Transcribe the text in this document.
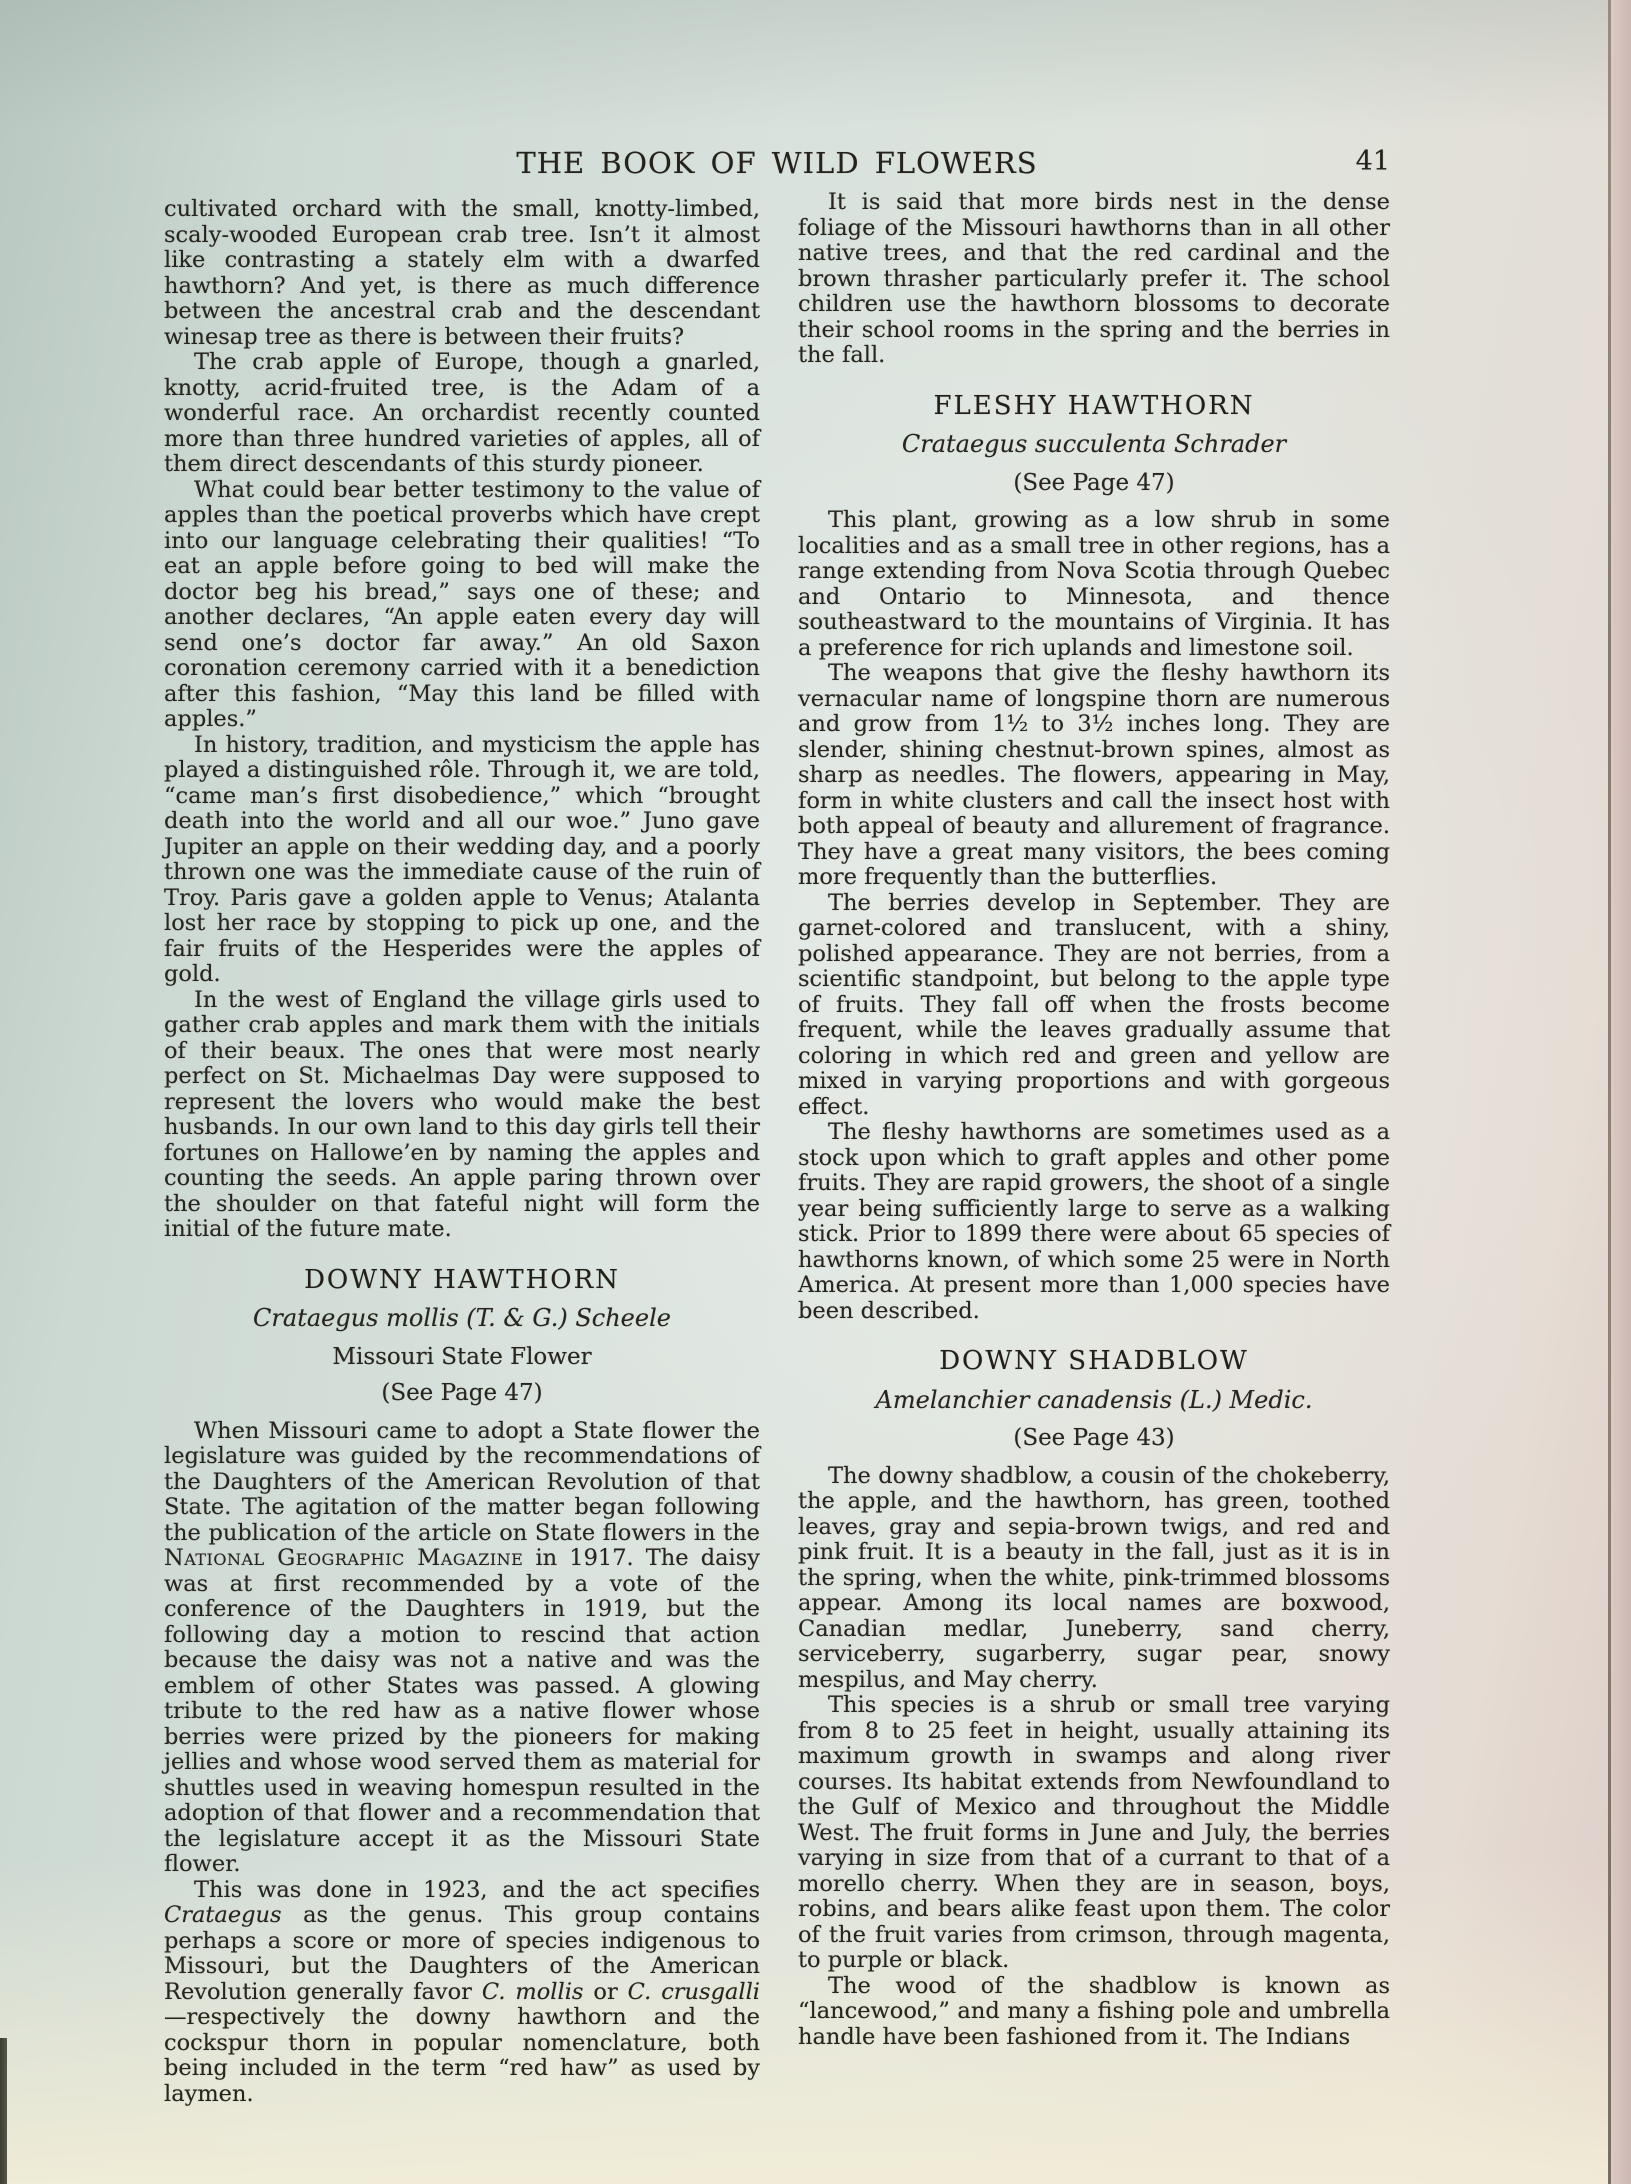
THE BOOK OF WILD FLOWERS	41
cultivated orchard with the small, knotty-limbed, scaly-wooded European crab tree. Isn’t it almost like contrasting a stately elm with a dwarfed hawthorn? And yet, is there as much difference between the ancestral crab and the descendant winesap tree as there is between their fruits?
The crab apple of Europe, though a gnarled, knotty, acrid-fruited tree, is the Adam of a wonderful race. An orchardist recently counted more than three hundred varieties of apples, all of them direct descendants of this sturdy pioneer.
What could bear better testimony to the value of apples than the poetical proverbs which have crept into our language celebrating their qualities! “To eat an apple before going to bed will make the doctor beg his bread,” says one of these; and another declares, “An apple eaten every day will send one’s doctor far away.” An old Saxon coronation ceremony carried with it a benediction after this fashion, “May this land be filled with apples.”
In history, tradition, and mysticism the apple has played a distinguished rôle. Through it, we are told, “came man’s first disobedience,” which “brought death into the world and all our woe.” Juno gave Jupiter an apple on their wedding day, and a poorly thrown one was the immediate cause of the ruin of Troy. Paris gave a golden apple to Venus; Atalanta lost her race by stopping to pick up one, and the fair fruits of the Hesperides were the apples of gold.
In the west of England the village girls used to gather crab apples and mark them with the initials of their beaux. The ones that were most nearly perfect on St. Michaelmas Day were supposed to represent the lovers who would make the best husbands. In our own land to this day girls tell their fortunes on Hallowe’en by naming the apples and counting the seeds. An apple paring thrown over the shoulder on that fateful night will form the initial of the future mate.
DOWNY HAWTHORN
Crataegus mollis (T. & G.) Scheele
Missouri State Flower
(See Page 47)
When Missouri came to adopt a State flower the legislature was guided by the recommendations of the Daughters of the American Revolution of that State. The agitation of the matter began following the publication of the article on State flowers in the National Geographic Magazine in 1917. The daisy was at first recommended by a vote of the conference of the Daughters in 1919, but the following day a motion to rescind that action because the daisy was not a native and was the emblem of other States was passed. A glowing tribute to the red haw as a native flower whose berries were prized by the pioneers for making jellies and whose wood served them as material for shuttles used in weaving homespun resulted in the adoption of that flower and a recommendation that the legislature accept it as the Missouri State flower.
This was done in 1923, and the act specifies Crataegus as the genus. This group contains perhaps a score or more of species indigenous to Missouri, but the Daughters of the American Revolution generally favor C. mollis or C. crusgalli—respectively the downy hawthorn and the cockspur thorn in popular nomenclature, both being included in the term “red haw” as used by laymen.
It is said that more birds nest in the dense foliage of the Missouri hawthorns than in all other native trees, and that the red cardinal and the brown thrasher particularly prefer it. The school children use the hawthorn blossoms to decorate their school rooms in the spring and the berries in the fall.
FLESHY HAWTHORN
Crataegus succulenta Schrader
(See Page 47)
This plant, growing as a low shrub in some localities and as a small tree in other regions, has a range extending from Nova Scotia through Quebec and Ontario to Minnesota, and thence southeastward to the mountains of Virginia. It has a preference for rich uplands and limestone soil.
The weapons that give the fleshy hawthorn its vernacular name of longspine thorn are numerous and grow from 1½ to 3½ inches long. They are slender, shining chestnut-brown spines, almost as sharp as needles. The flowers, appearing in May, form in white clusters and call the insect host with both appeal of beauty and allurement of fragrance. They have a great many visitors, the bees coming more frequently than the butterflies.
The berries develop in September. They are garnet-colored and translucent, with a shiny, polished appearance. They are not berries, from a scientific standpoint, but belong to the apple type of fruits. They fall off when the frosts become frequent, while the leaves gradually assume that coloring in which red and green and yellow are mixed in varying proportions and with gorgeous effect.
The fleshy hawthorns are sometimes used as a stock upon which to graft apples and other pome fruits. They are rapid growers, the shoot of a single year being sufficiently large to serve as a walking stick. Prior to 1899 there were about 65 species of hawthorns known, of which some 25 were in North America. At present more than 1,000 species have been described.
DOWNY SHADBLOW
Amelanchier canadensis (L.) Medic.
(See Page 43)
The downy shadblow, a cousin of the chokeberry, the apple, and the hawthorn, has green, toothed leaves, gray and sepia-brown twigs, and red and pink fruit. It is a beauty in the fall, just as it is in the spring, when the white, pink-trimmed blossoms appear. Among its local names are boxwood, Canadian medlar, Juneberry, sand cherry, serviceberry, sugarberry, sugar pear, snowy mespilus, and May cherry.
This species is a shrub or small tree varying from 8 to 25 feet in height, usually attaining its maximum growth in swamps and along river courses. Its habitat extends from Newfoundland to the Gulf of Mexico and throughout the Middle West. The fruit forms in June and July, the berries varying in size from that of a currant to that of a morello cherry. When they are in season, boys, robins, and bears alike feast upon them. The color of the fruit varies from crimson, through magenta, to purple or black.
The wood of the shadblow is known as “lancewood,” and many a fishing pole and umbrella handle have been fashioned from it. The Indians
